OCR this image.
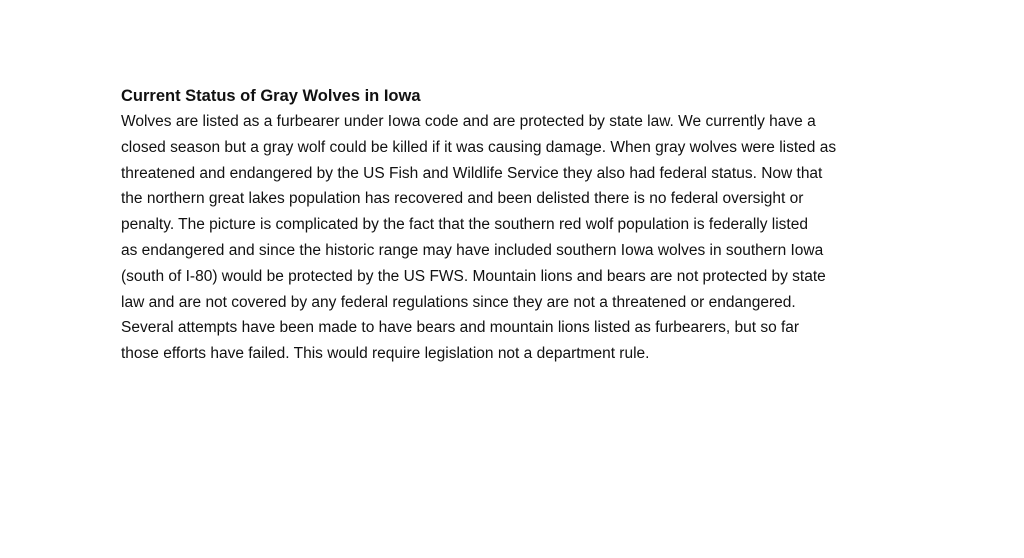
Current Status of Gray Wolves in Iowa

Wolves are listed as a furbearer under Iowa code and are protected by state law. We currently have a
closed season but a gray wolf could be killed if it was causing damage. When gray wolves were listed as
threatened and endangered by the US Fish and Wildlife Service they also had federal status. Now that
the northern great lakes population has recovered and been delisted there is no federal oversight or
penalty. The picture is complicated by the fact that the southern red wolf population is federally listed
as endangered and since the historic range may have included southern Iowa wolves in southern Iowa
(south of I-80) would be protected by the US FWS. Mountain lions and bears are not protected by state
law and are not covered by any federal regulations since they are not a threatened or endangered.
Several attempts have been made to have bears and mountain lions listed as furbearers, but so far
those efforts have failed. This would require legislation not a department rule.
